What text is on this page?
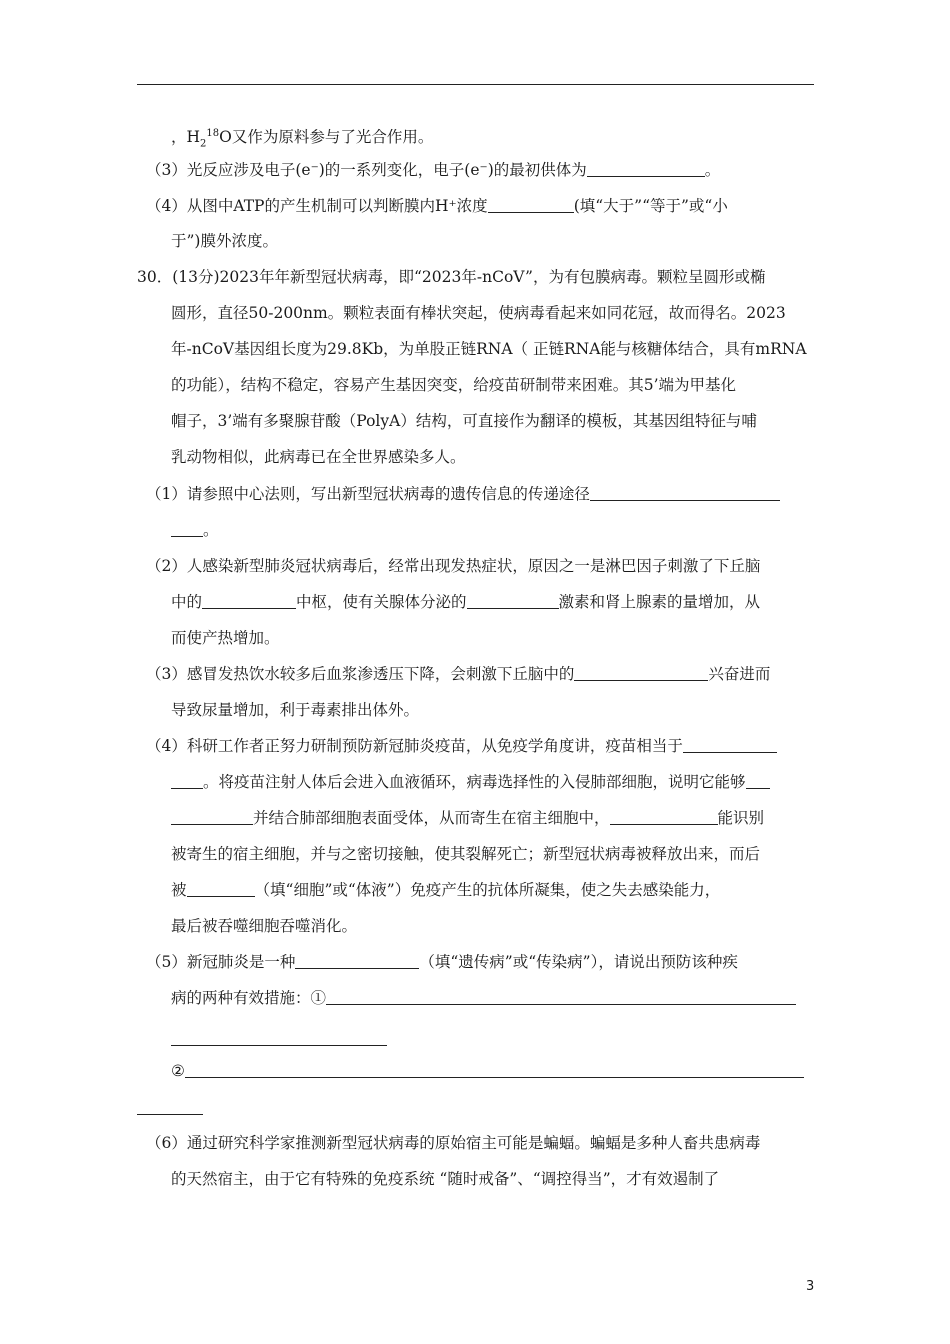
，$H_2^{18}O$又作为原料参与了光合作用。
（3）光反应涉及电子(e⁻)的一系列变化，电子(e⁻)的最初供体为	。
（4）从图中ATP的产生机制可以判断膜内H⁺浓度	(填“大于”“等于”或“小
于”)膜外浓度。
30．(13分)2023年年新型冠状病毒，即“2023年-nCoV”，为有包膜病毒。颗粒呈圆形或椭
圆形，直径50-200nm。颗粒表面有棒状突起，使病毒看起来如同花冠，故而得名。2023
年-nCoV基因组长度为29.8Kb，为单股正链RNA（ 正链RNA能与核糖体结合，具有mRNA
的功能），结构不稳定，容易产生基因突变，给疫苗研制带来困难。其5’端为甲基化
帽子，3’端有多聚腺苷酸（PolyA）结构，可直接作为翻译的模板，其基因组特征与哺
乳动物相似，此病毒已在全世界感染多人。
（1）请参照中心法则，写出新型冠状病毒的遗传信息的传递途径
。
（2）人感染新型肺炎冠状病毒后，经常出现发热症状，原因之一是淋巴因子刺激了下丘脑
中的	中枢，使有关腺体分泌的	激素和肾上腺素的量增加，从
而使产热增加。
（3）感冒发热饮水较多后血浆渗透压下降，会刺激下丘脑中的	兴奋进而
导致尿量增加，利于毒素排出体外。
（4）科研工作者正努力研制预防新冠肺炎疫苗，从免疫学角度讲，疫苗相当于
。将疫苗注射人体后会进入血液循环，病毒选择性的入侵肺部细胞，说明它能够
并结合肺部细胞表面受体，从而寄生在宿主细胞中，	能识别
被寄生的宿主细胞，并与之密切接触，使其裂解死亡；新型冠状病毒被释放出来，而后
被	（填“细胞”或“体液”）免疫产生的抗体所凝集，使之失去感染能力，
最后被吞噬细胞吞噬消化。
（5）新冠肺炎是一种	（填“遗传病”或“传染病”），请说出预防该种疾
病的两种有效措施：①
②
（6）通过研究科学家推测新型冠状病毒的原始宿主可能是蝙蝠。蝙蝠是多种人畜共患病毒
的天然宿主，由于它有特殊的免疫系统 “随时戒备”、“调控得当”，才有效遏制了
3
